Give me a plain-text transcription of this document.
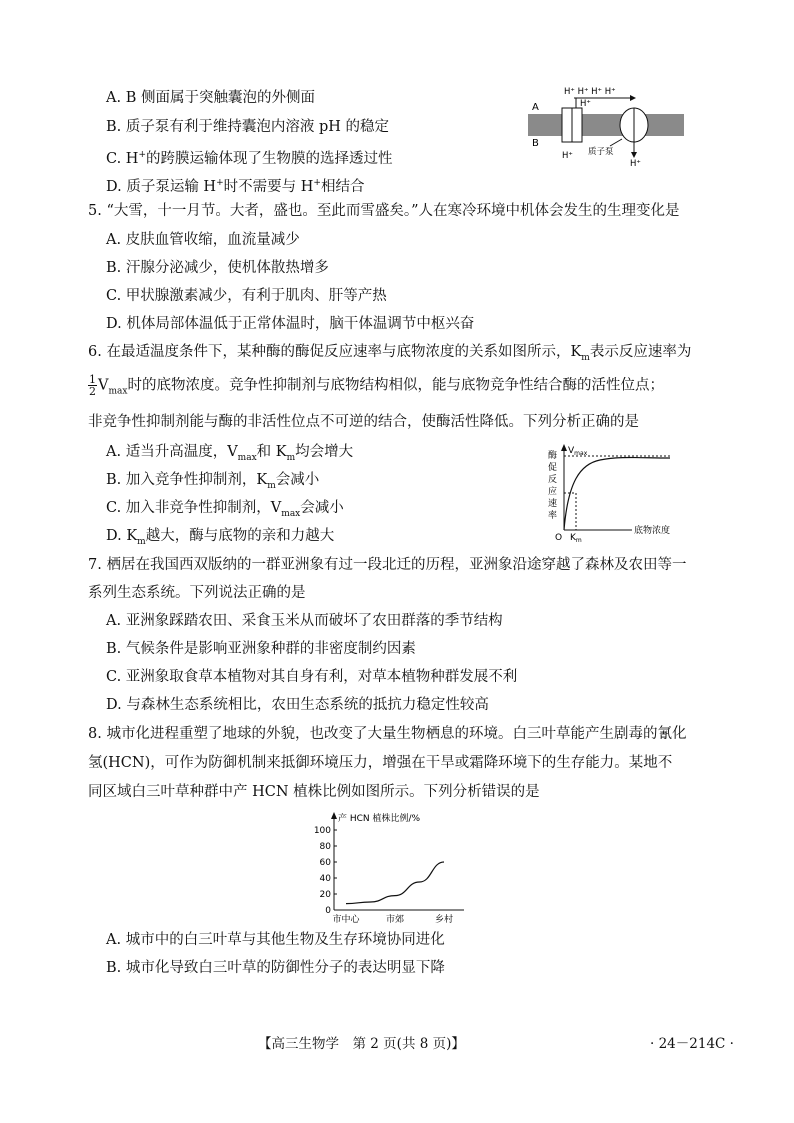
A. B 侧面属于突触囊泡的外侧面
B. 质子泵有利于维持囊泡内溶液 pH 的稳定
C. H+的跨膜运输体现了生物膜的选择透过性
D. 质子泵运输 H+时不需要与 H+相结合
A
B
H⁺ H⁺ H⁺ H⁺
H⁺
H⁺
H⁺
质子泵
5. “大雪，十一月节。大者，盛也。至此而雪盛矣。”人在寒冷环境中机体会发生的生理变化是
A. 皮肤血管收缩，血流量减少
B. 汗腺分泌减少，使机体散热增多
C. 甲状腺激素减少，有利于肌肉、肝等产热
D. 机体局部体温低于正常体温时，脑干体温调节中枢兴奋
6. 在最适温度条件下，某种酶的酶促反应速率与底物浓度的关系如图所示，$K_m$表示反应速率为
$\frac{1}{2} V_{max}$时的底物浓度。竞争性抑制剂与底物结构相似，能与底物竞争性结合酶的活性位点；
非竞争性抑制剂能与酶的非活性位点不可逆的结合，使酶活性降低。下列分析正确的是
A. 适当升高温度，$V_{max}$和 $K_m$均会增大
B. 加入竞争性抑制剂，$K_m$会减小
C. 加入非竞争性抑制剂，$V_{max}$会减小
D. $K_m$越大，酶与底物的亲和力越大
酶
促
反
应
速
率
$V_{max}$
O $K_m$
底物浓度
7. 栖居在我国西双版纳的一群亚洲象有过一段北迁的历程，亚洲象沿途穿越了森林及农田等一
系列生态系统。下列说法正确的是
A. 亚洲象踩踏农田、采食玉米从而破坏了农田群落的季节结构
B. 气候条件是影响亚洲象种群的非密度制约因素
C. 亚洲象取食草本植物对其自身有利，对草本植物种群发展不利
D. 与森林生态系统相比，农田生态系统的抵抗力稳定性较高
8. 城市化进程重塑了地球的外貌，也改变了大量生物栖息的环境。白三叶草能产生剧毒的氰化
氢(HCN)，可作为防御机制来抵御环境压力，增强在干旱或霜降环境下的生存能力。某地不
同区域白三叶草种群中产 HCN 植株比例如图所示。下列分析错误的是
产 HCN 植株比例/%
100
80
60
40
20
0
市中心	市郊	乡村
A. 城市中的白三叶草与其他生物及生存环境协同进化
B. 城市化导致白三叶草的防御性分子的表达明显下降
【高三生物学　第 2 页(共 8 页)】	· 24－214C ·
